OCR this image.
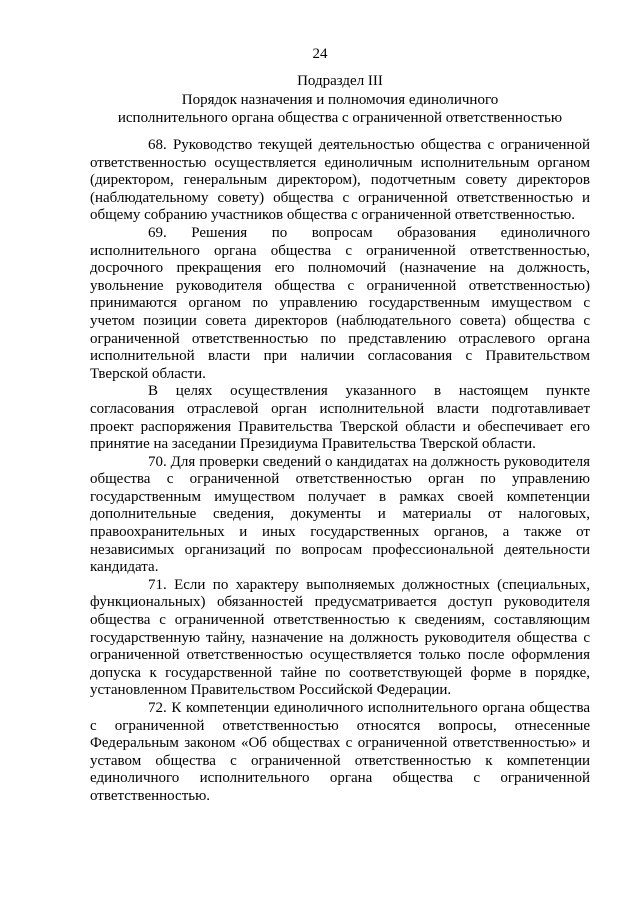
24
Подраздел III
Порядок назначения и полномочия единоличного
исполнительного органа общества с ограниченной ответственностью

68. Руководство текущей деятельностью общества с ограниченной ответственностью осуществляется единоличным исполнительным органом (директором, генеральным директором), подотчетным совету директоров (наблюдательному совету) общества с ограниченной ответственностью и общему собранию участников общества с ограниченной ответственностью.

69. Решения по вопросам образования единоличного исполнительного органа общества с ограниченной ответственностью, досрочного прекращения его полномочий (назначение на должность, увольнение руководителя общества с ограниченной ответственностью) принимаются органом по управлению государственным имуществом с учетом позиции совета директоров (наблюдательного совета) общества с ограниченной ответственностью по представлению отраслевого органа исполнительной власти при наличии согласования с Правительством Тверской области.

В целях осуществления указанного в настоящем пункте согласования отраслевой орган исполнительной власти подготавливает проект распоряжения Правительства Тверской области и обеспечивает его принятие на заседании Президиума Правительства Тверской области.

70. Для проверки сведений о кандидатах на должность руководителя общества с ограниченной ответственностью орган по управлению государственным имуществом получает в рамках своей компетенции дополнительные сведения, документы и материалы от налоговых, правоохранительных и иных государственных органов, а также от независимых организаций по вопросам профессиональной деятельности кандидата.

71. Если по характеру выполняемых должностных (специальных, функциональных) обязанностей предусматривается доступ руководителя общества с ограниченной ответственностью к сведениям, составляющим государственную тайну, назначение на должность руководителя общества с ограниченной ответственностью осуществляется только после оформления допуска к государственной тайне по соответствующей форме в порядке, установленном Правительством Российской Федерации.

72. К компетенции единоличного исполнительного органа общества с ограниченной ответственностью относятся вопросы, отнесенные Федеральным законом «Об обществах с ограниченной ответственностью» и уставом общества с ограниченной ответственностью к компетенции единоличного исполнительного органа общества с ограниченной ответственностью.
